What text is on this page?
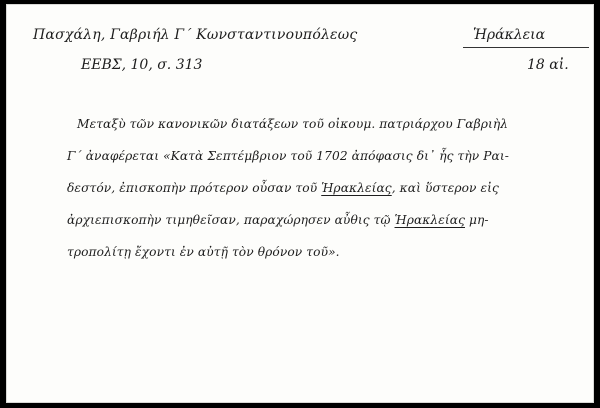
Πασχάλη, Γαβριήλ Γ΄ Κωνσταντινουπόλεως
ΕΕΒΣ, 10, σ. 313
Ἡράκλεια
18 αἰ.
Μεταξὺ τῶν κανονικῶν διατάξεων τοῦ οἰκουμ. πατριάρχου Γαβριὴλ
Γ΄ ἀναφέρεται «Κατὰ Σεπτέμβριον τοῦ 1702 ἀπόφασις δι᾿ ἧς τὴν Ραι-
δεστόν, ἐπισκοπὴν πρότερον οὖσαν τοῦ Ἡρακλείας, καὶ ὕστερον εἰς
ἀρχιεπισκοπὴν τιμηθεῖσαν, παραχώρησεν αὖθις τῷ Ἡρακλείας μη-
τροπολίτῃ ἔχοντι ἐν αὐτῇ τὸν θρόνον τοῦ».
